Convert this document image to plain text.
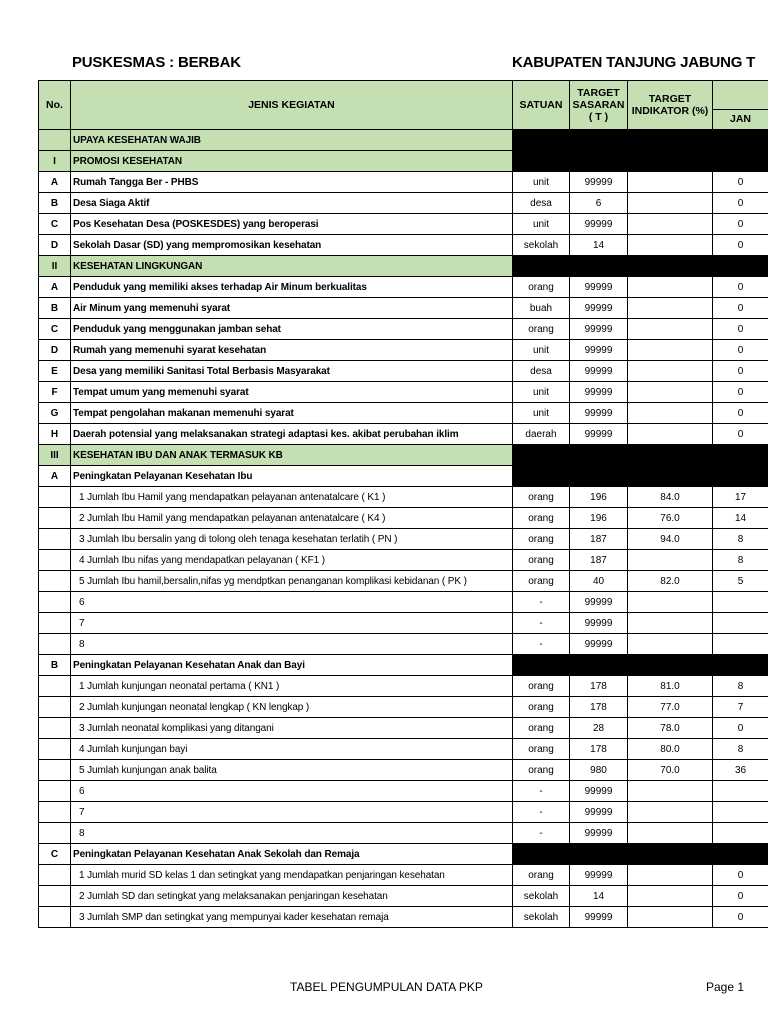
PUSKESMAS : BERBAK	KABUPATEN TANJUNG JABUNG T
No.	JENIS KEGIATAN	SATUAN	TARGET SASARAN ( T )	TARGET INDIKATOR (%)	
					JAN
	UPAYA KESEHATAN WAJIB				
I	PROMOSI KESEHATAN				
A	Rumah Tangga Ber - PHBS	unit	99999		0
B	Desa Siaga Aktif	desa	6		0
C	Pos Kesehatan Desa (POSKESDES) yang beroperasi	unit	99999		0
D	Sekolah Dasar (SD) yang mempromosikan kesehatan	sekolah	14		0
II	KESEHATAN LINGKUNGAN				
A	Penduduk yang memiliki akses terhadap Air Minum berkualitas	orang	99999		0
B	Air Minum yang memenuhi syarat	buah	99999		0
C	Penduduk yang menggunakan jamban sehat	orang	99999		0
D	Rumah yang memenuhi syarat kesehatan	unit	99999		0
E	Desa yang memiliki Sanitasi Total Berbasis Masyarakat	desa	99999		0
F	Tempat umum yang memenuhi syarat	unit	99999		0
G	Tempat pengolahan makanan memenuhi syarat	unit	99999		0
H	Daerah potensial yang melaksanakan strategi adaptasi kes. akibat perubahan iklim	daerah	99999		0
III	KESEHATAN IBU DAN ANAK TERMASUK KB				
A	Peningkatan Pelayanan Kesehatan Ibu				
	1 Jumlah Ibu Hamil yang mendapatkan pelayanan antenatalcare ( K1 )	orang	196	84.0	17
	2 Jumlah Ibu Hamil yang mendapatkan pelayanan antenatalcare ( K4 )	orang	196	76.0	14
	3 Jumlah Ibu bersalin yang di tolong oleh tenaga kesehatan terlatih ( PN )	orang	187	94.0	8
	4 Jumlah Ibu nifas yang mendapatkan pelayanan ( KF1 )	orang	187		8
	5 Jumlah Ibu hamil,bersalin,nifas yg mendptkan penanganan komplikasi kebidanan ( PK )	orang	40	82.0	5
	6	-	99999		
	7	-	99999		
	8	-	99999		
B	Peningkatan Pelayanan Kesehatan Anak dan Bayi				
	1 Jumlah kunjungan neonatal pertama ( KN1 )	orang	178	81.0	8
	2 Jumlah kunjungan neonatal lengkap ( KN lengkap )	orang	178	77.0	7
	3 Jumlah neonatal komplikasi yang ditangani	orang	28	78.0	0
	4 Jumlah kunjungan bayi	orang	178	80.0	8
	5 Jumlah kunjungan anak balita	orang	980	70.0	36
	6	-	99999		
	7	-	99999		
	8	-	99999		
C	Peningkatan Pelayanan Kesehatan Anak Sekolah dan Remaja				
	1 Jumlah murid SD kelas 1 dan setingkat yang mendapatkan penjaringan kesehatan	orang	99999		0
	2 Jumlah SD dan setingkat yang melaksanakan penjaringan kesehatan	sekolah	14		0
	3 Jumlah SMP dan setingkat yang mempunyai kader kesehatan remaja	sekolah	99999		0
TABEL PENGUMPULAN DATA PKP	Page 1
